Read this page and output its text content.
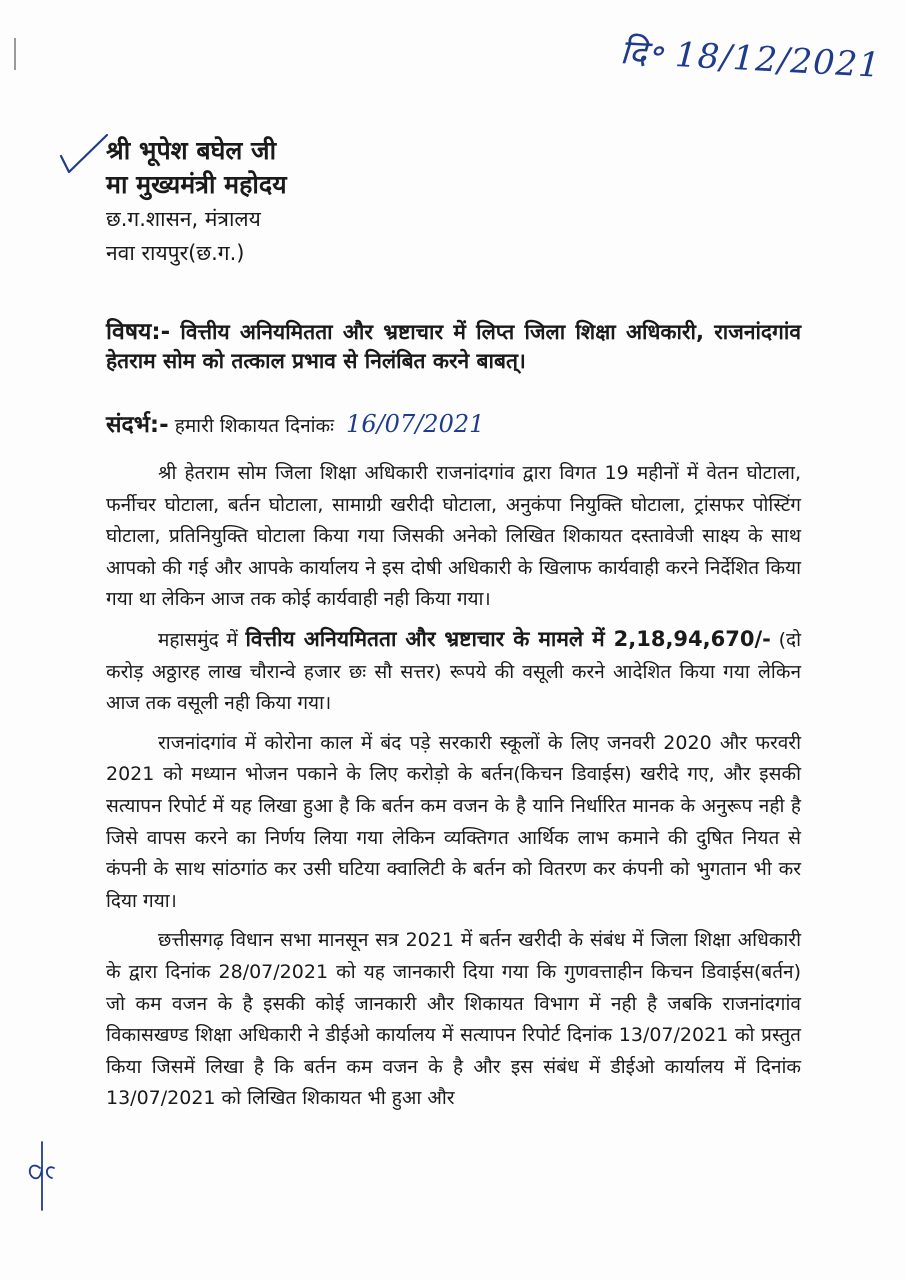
दि॰ 18/12/2021
श्री भूपेश बघेल जी
मा मुख्यमंत्री महोदय
छ.ग.शासन, मंत्रालय
नवा रायपुर(छ.ग.)
विषय:- वित्तीय अनियमितता और भ्रष्टाचार में लिप्त जिला शिक्षा अधिकारी, राजनांदगांव हेतराम सोम को तत्काल प्रभाव से निलंबित करने बाबत्।
संदर्भ:- हमारी शिकायत दिनांकः 16/07/2021

श्री हेतराम सोम जिला शिक्षा अधिकारी राजनांदगांव द्वारा विगत 19 महीनों में वेतन घोटाला, फर्नीचर घोटाला, बर्तन घोटाला, सामाग्री खरीदी घोटाला, अनुकंपा नियुक्ति घोटाला, ट्रांसफर पोस्टिंग घोटाला, प्रतिनियुक्ति घोटाला किया गया जिसकी अनेको लिखित शिकायत दस्तावेजी साक्ष्य के साथ आपको की गई और आपके कार्यालय ने इस दोषी अधिकारी के खिलाफ कार्यवाही करने निर्देशित किया गया था लेकिन आज तक कोई कार्यवाही नही किया गया।

महासमुंद में वित्तीय अनियमितता और भ्रष्टाचार के मामले में 2,18,94,670/- (दो करोड़ अठ्ठारह लाख चौरान्वे हजार छः सौ सत्तर) रूपये की वसूली करने आदेशित किया गया लेकिन आज तक वसूली नही किया गया।

राजनांदगांव में कोरोना काल में बंद पड़े सरकारी स्कूलों के लिए जनवरी 2020 और फरवरी 2021 को मध्यान भोजन पकाने के लिए करोड़ो के बर्तन(किचन डिवाईस) खरीदे गए, और इसकी सत्यापन रिपोर्ट में यह लिखा हुआ है कि बर्तन कम वजन के है यानि निर्धारित मानक के अनुरूप नही है जिसे वापस करने का निर्णय लिया गया लेकिन व्यक्तिगत आर्थिक लाभ कमाने की दुषित नियत से कंपनी के साथ सांठगांठ कर उसी घटिया क्वालिटी के बर्तन को वितरण कर कंपनी को भुगतान भी कर दिया गया।

छत्तीसगढ़ विधान सभा मानसून सत्र 2021 में बर्तन खरीदी के संबंध में जिला शिक्षा अधिकारी के द्वारा दिनांक 28/07/2021 को यह जानकारी दिया गया कि गुणवत्ताहीन किचन डिवाईस(बर्तन) जो कम वजन के है इसकी कोई जानकारी और शिकायत विभाग में नही है जबकि राजनांदगांव विकासखण्ड शिक्षा अधिकारी ने डीईओ कार्यालय में सत्यापन रिपोर्ट दिनांक 13/07/2021 को प्रस्तुत किया जिसमें लिखा है कि बर्तन कम वजन के है और इस संबंध में डीईओ कार्यालय में दिनांक 13/07/2021 को लिखित शिकायत भी हुआ और
